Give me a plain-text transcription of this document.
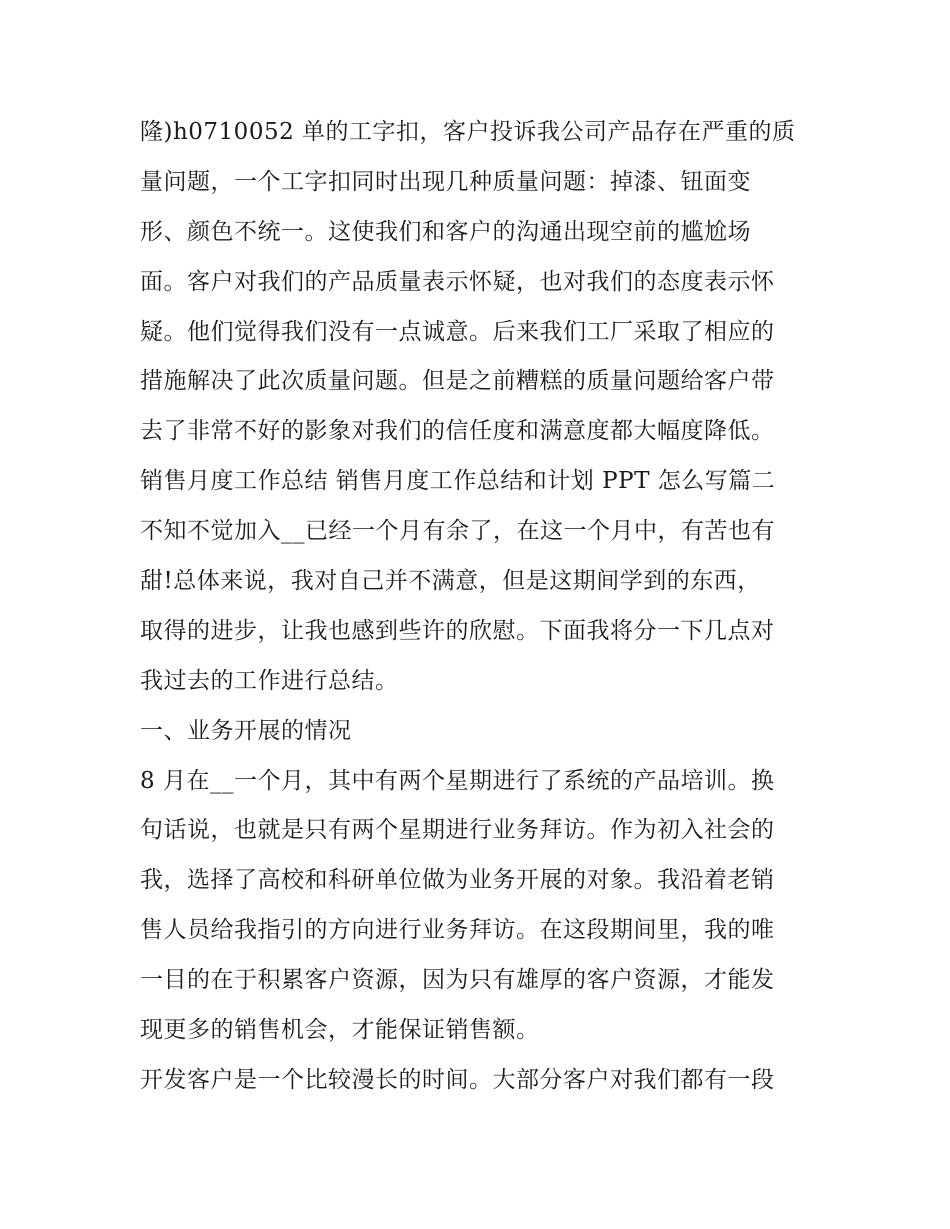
隆)h0710052 单的工字扣，客户投诉我公司产品存在严重的质

量问题，一个工字扣同时出现几种质量问题：掉漆、钮面变

形、颜色不统一。这使我们和客户的沟通出现空前的尴尬场

面。客户对我们的产品质量表示怀疑，也对我们的态度表示怀

疑。他们觉得我们没有一点诚意。后来我们工厂采取了相应的

措施解决了此次质量问题。但是之前糟糕的质量问题给客户带

去了非常不好的影象对我们的信任度和满意度都大幅度降低。

销售月度工作总结 销售月度工作总结和计划 PPT 怎么写篇二

不知不觉加入__已经一个月有余了，在这一个月中，有苦也有

甜!总体来说，我对自己并不满意，但是这期间学到的东西，

取得的进步，让我也感到些许的欣慰。下面我将分一下几点对

我过去的工作进行总结。

一、业务开展的情况

8 月在__一个月，其中有两个星期进行了系统的产品培训。换

句话说，也就是只有两个星期进行业务拜访。作为初入社会的

我，选择了高校和科研单位做为业务开展的对象。我沿着老销

售人员给我指引的方向进行业务拜访。在这段期间里，我的唯

一目的在于积累客户资源，因为只有雄厚的客户资源，才能发

现更多的销售机会，才能保证销售额。

开发客户是一个比较漫长的时间。大部分客户对我们都有一段
